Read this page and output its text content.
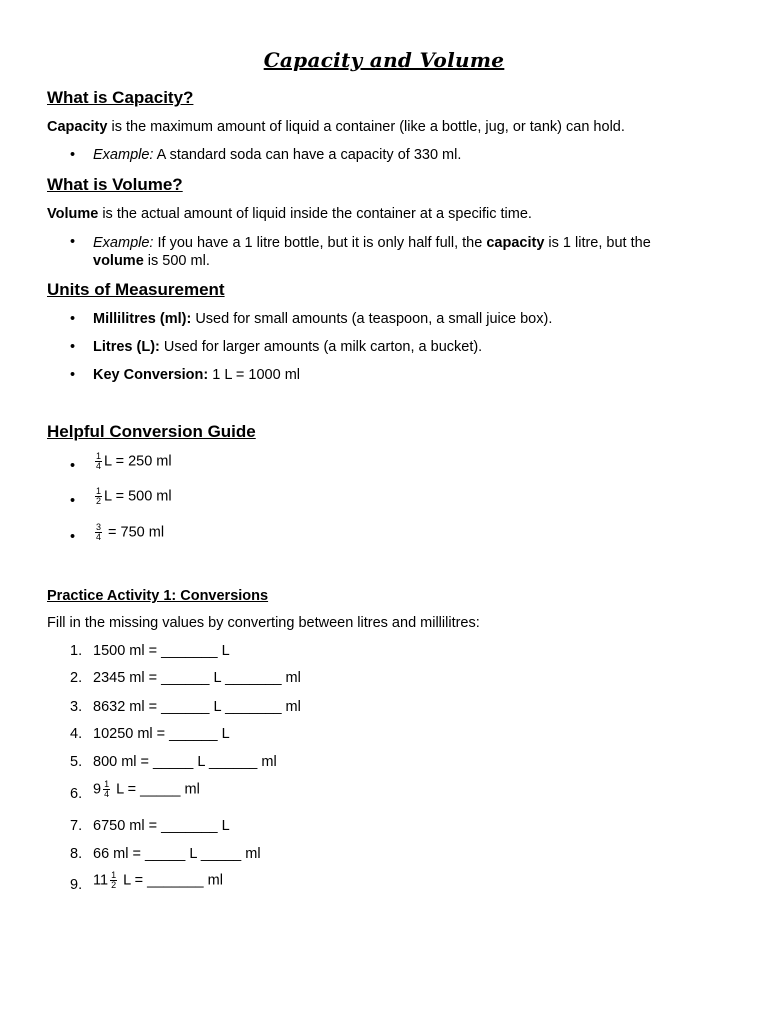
Capacity and Volume
What is Capacity?
Capacity is the maximum amount of liquid a container (like a bottle, jug, or tank) can hold.
• Example: A standard soda can have a capacity of 330 ml.
What is Volume?
Volume is the actual amount of liquid inside the container at a specific time.
• Example: If you have a 1 litre bottle, but it is only half full, the capacity is 1 litre, but the
volume is 500 ml.
Units of Measurement
• Millilitres (ml): Used for small amounts (a teaspoon, a small juice box).
• Litres (L): Used for larger amounts (a milk carton, a bucket).
• Key Conversion: 1 L = 1000 ml
Helpful Conversion Guide
• $\frac{1}{4}$ L = 250 ml
• $\frac{1}{2}$ L = 500 ml
• $\frac{3}{4} = 750$ ml
Practice Activity 1: Conversions
Fill in the missing values by converting between litres and millilitres:
1. 1500 ml = _______ L
2. 2345 ml = ______ L _______ ml
3. 8632 ml = ______ L _______ ml
4. 10250 ml = ______ L
5. 800 ml = _____ L ______ ml
6. $9 \frac{1}{4}$ L = _____ ml
7. 6750 ml = _______ L
8. 66 ml = _____ L _____ ml
9. $11 \frac{1}{2}$ L = _______ ml
